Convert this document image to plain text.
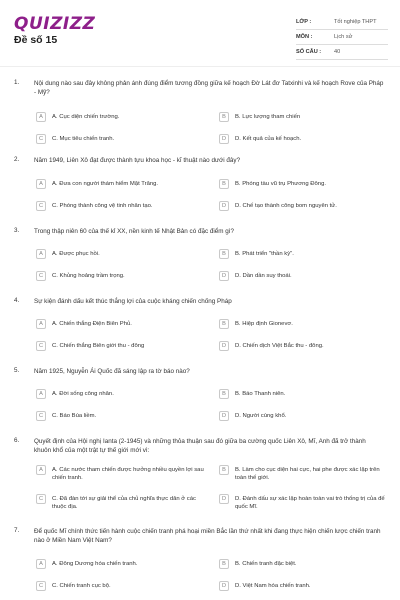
QUIZIZZ
Đề số 15
LỚP :	Tốt nghiệp THPT
MÔN :	Lịch sử
SỐ CÂU :	40
1. Nội dung nào sau đây không phản ánh đúng điểm tương đồng giữa kế hoạch Đờ Lát đơ Tatxinhi và kế hoạch Rove của Pháp - Mỹ?
A	A. Cục diện chiến trường.	B	B. Lực lượng tham chiến
C	C. Mục tiêu chiến tranh.	D	D. Kết quả của kế hoạch.
2. Năm 1949, Liên Xô đạt được thành tựu khoa học - kĩ thuật nào dưới đây?
A	A. Đưa con người thám hiểm Mặt Trăng.	B	B. Phóng tàu vũ trụ Phương Đông.
C	C. Phóng thành công vệ tinh nhân tạo.	D	D. Chế tạo thành công bom nguyên tử.
3. Trong thập niên 60 của thế kỉ XX, nền kinh tế Nhật Bản có đặc điểm gì?
A	A. Được phục hồi.	B	B. Phát triển "thần kỳ".
C	C. Khủng hoảng trầm trọng.	D	D. Dần dần suy thoái.
4. Sự kiện đánh dấu kết thúc thắng lợi của cuộc kháng chiến chống Pháp
A	A. Chiến thắng Điện Biên Phủ.	B	B. Hiệp định Gionevơ.
C	C. Chiến thắng Biên giới thu - đông	D	D. Chiến dịch Việt Bắc thu - đông.
5. Năm 1925, Nguyễn Ái Quốc đã sáng lập ra tờ báo nào?
A	A. Đời sống công nhân.	B	B. Báo Thanh niên.
C	C. Báo Búa liềm.	D	D. Người cùng khổ.
6. Quyết định của Hội nghị Ianta (2-1945) và những thỏa thuận sau đó giữa ba cường quốc Liên Xô, Mĩ, Anh đã trở thành khuôn khổ của một trật tự thế giới mới vì:
A	A. Các nước tham chiến được hưởng nhiều quyền lợi sau chiến tranh.
B	B. Làm cho cục diện hai cực, hai phe được xác lập trên toàn thế giới.
C	C. Đã đàn tới sự giải thể của chủ nghĩa thực dân ở các thuộc địa.
D	D. Đánh dấu sự xác lập hoàn toàn vai trò thống trị của đế quốc Mĩ.
7. Để quốc Mĩ chính thức tiến hành cuộc chiến tranh phá hoại miền Bắc lần thứ nhất khi đang thực hiện chiến lược chiến tranh nào ở Miền Nam Việt Nam?
A	A. Đông Dương hóa chiến tranh.	B	B. Chiến tranh đặc biệt.
C	C. Chiến tranh cục bộ.	D	D. Việt Nam hóa chiến tranh.
